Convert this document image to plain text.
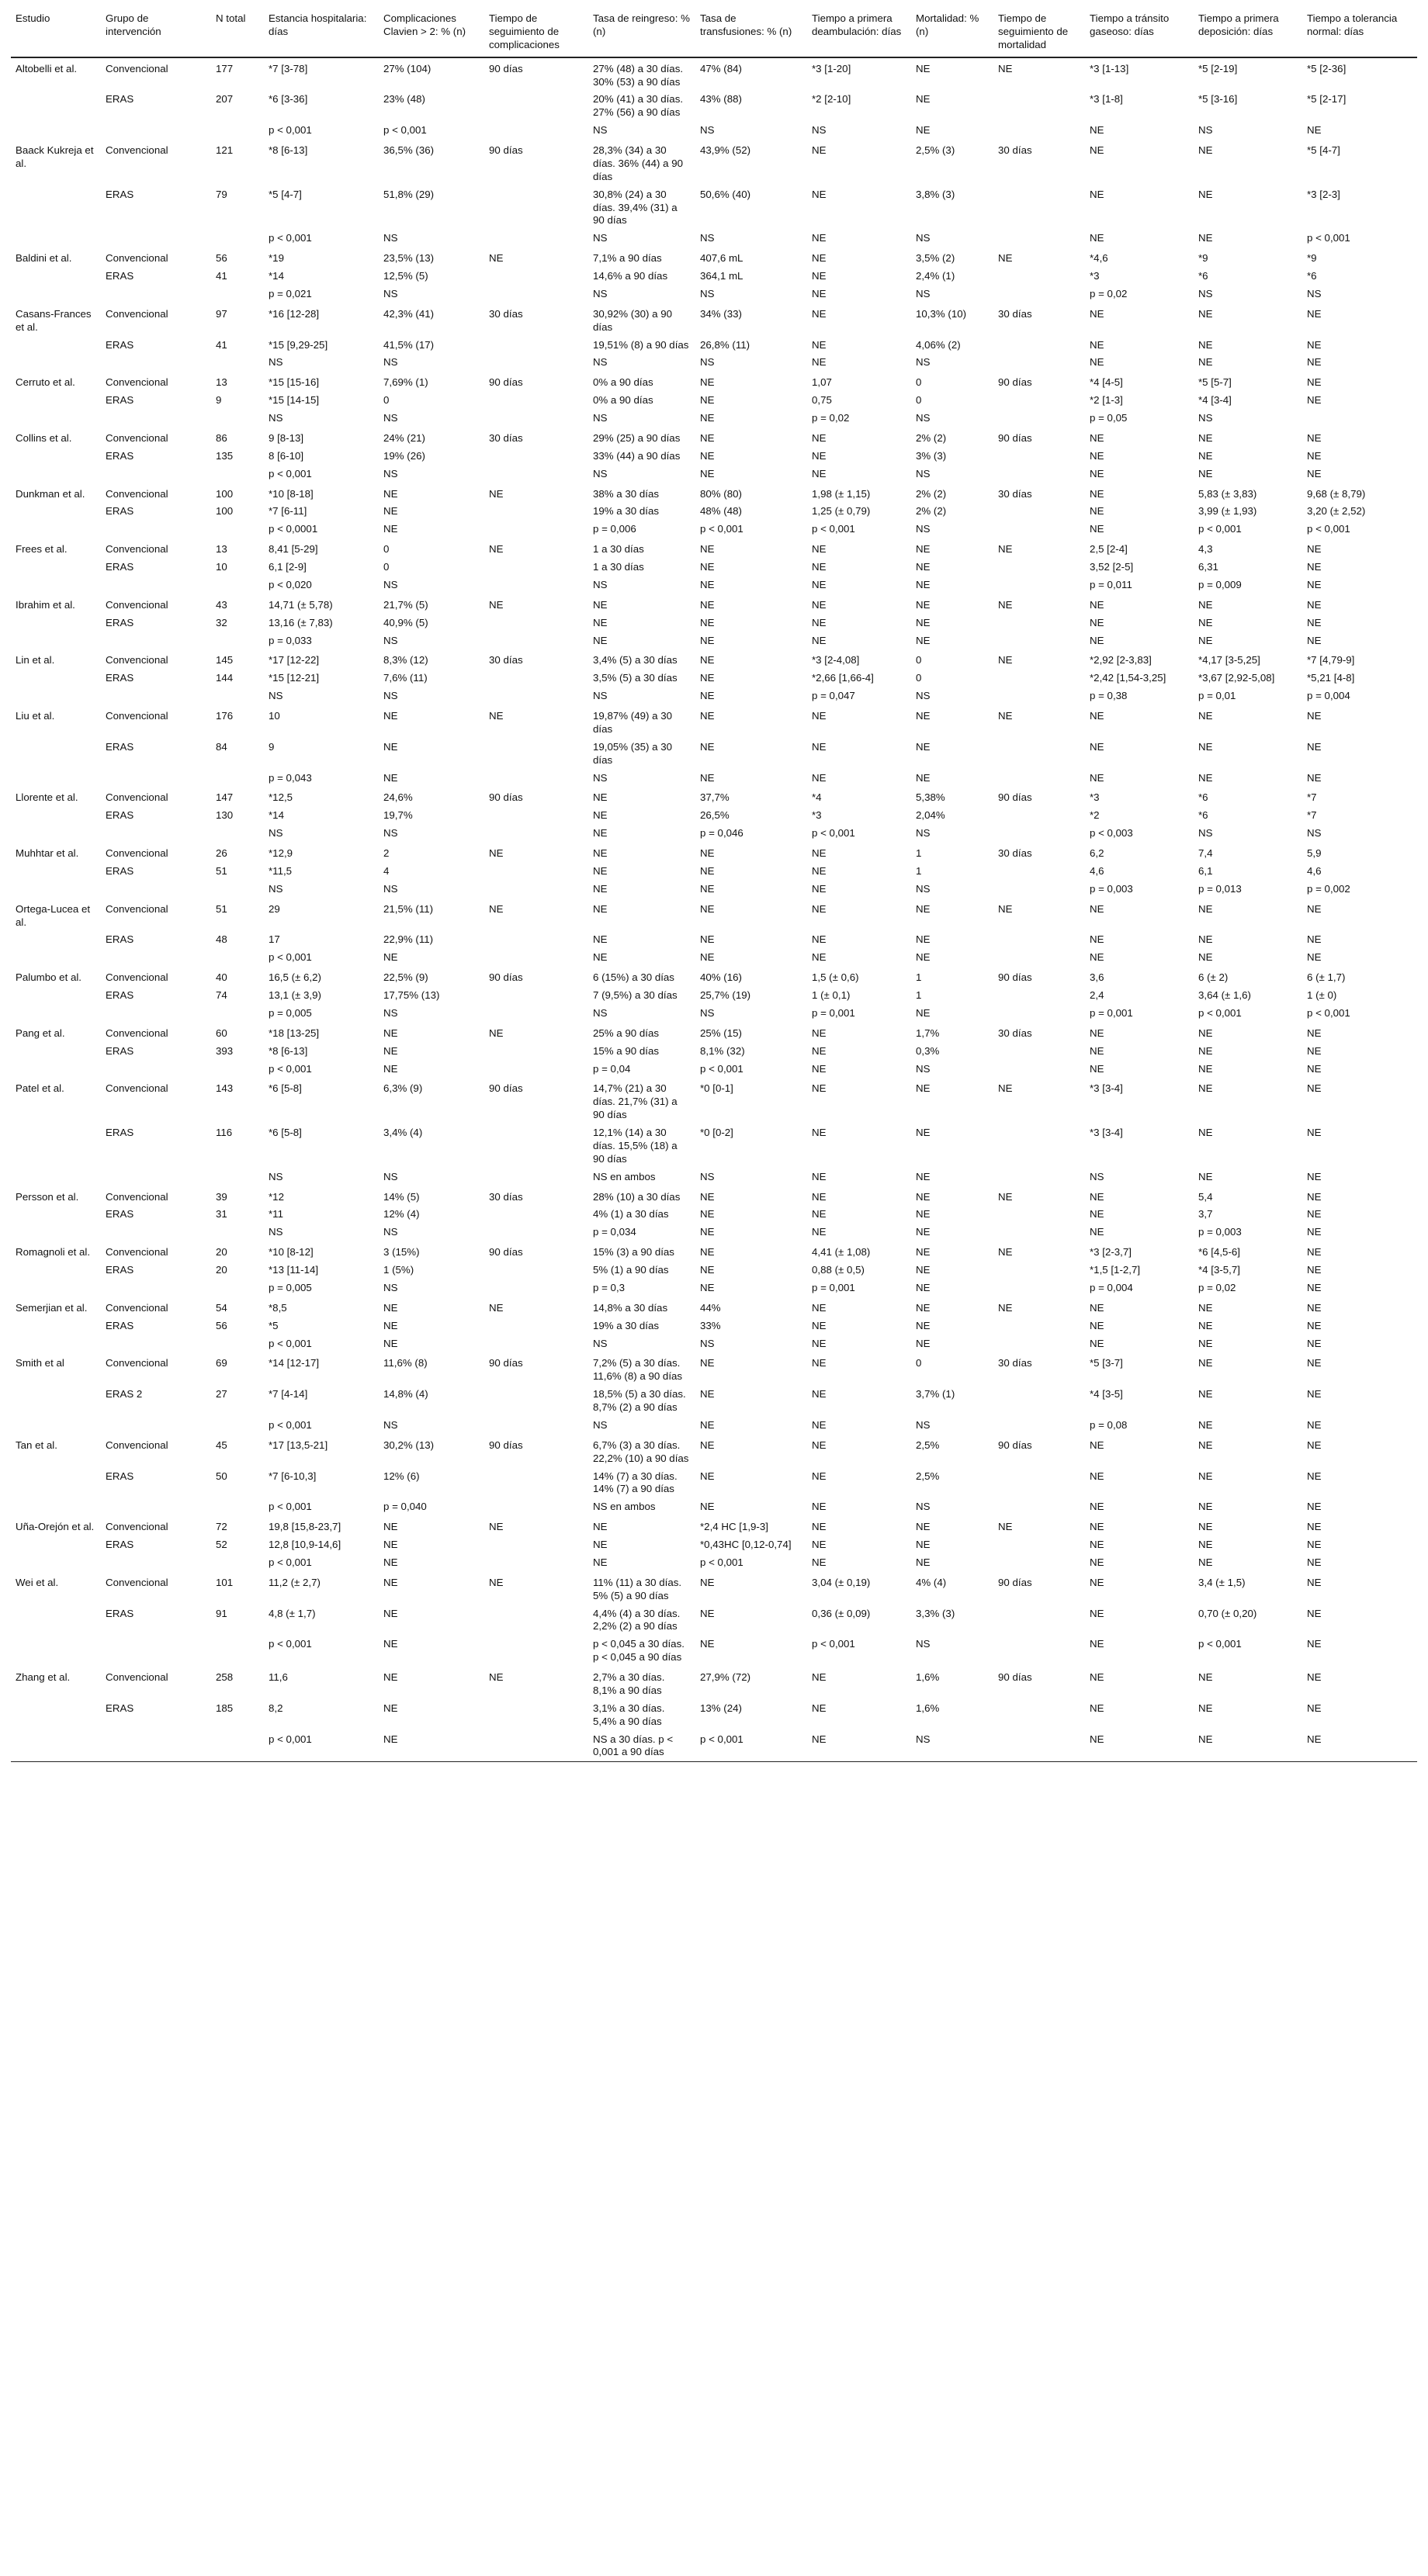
Estudio	Grupo de intervención	N total	Estancia hospitalaria: días	Complicaciones Clavien > 2: % (n)	Tiempo de seguimiento de complicaciones	Tasa de reingreso: % (n)	Tasa de transfusiones: % (n)	Tiempo a primera deambulación: días	Mortalidad: % (n)	Tiempo de seguimiento de mortalidad	Tiempo a tránsito gaseoso: días	Tiempo a primera deposición: días	Tiempo a tolerancia normal: días
Altobelli et al.	Convencional	177	*7 [3-78]	27% (104)	90 días	27% (48) a 30 días. 30% (53) a 90 días	47% (84)	*3 [1-20]	NE	NE	*3 [1-13]	*5 [2-19]	*5 [2-36]
	ERAS	207	*6 [3-36]	23% (48)		20% (41) a 30 días. 27% (56) a 90 días	43% (88)	*2 [2-10]	NE		*3 [1-8]	*5 [3-16]	*5 [2-17]
			p < 0,001	p < 0,001		NS	NS	NS	NE		NE	NS	NE
Baack Kukreja et al.	Convencional	121	*8 [6-13]	36,5% (36)	90 días	28,3% (34) a 30 días. 36% (44) a 90 días	43,9% (52)	NE	2,5% (3)	30 días	NE	NE	*5 [4-7]
	ERAS	79	*5 [4-7]	51,8% (29)		30,8% (24) a 30 días. 39,4% (31) a 90 días	50,6% (40)	NE	3,8% (3)		NE	NE	*3 [2-3]
			p < 0,001	NS		NS	NS	NE	NS		NE	NE	p < 0,001
Baldini et al.	Convencional	56	*19	23,5% (13)	NE	7,1% a 90 días	407,6 mL	NE	3,5% (2)	NE	*4,6	*9	*9
	ERAS	41	*14	12,5% (5)		14,6% a 90 días	364,1 mL	NE	2,4% (1)		*3	*6	*6
			p = 0,021	NS		NS	NS	NE	NS		p = 0,02	NS	NS
Casans-Frances et al.	Convencional	97	*16 [12-28]	42,3% (41)	30 días	30,92% (30) a 90 días	34% (33)	NE	10,3% (10)	30 días	NE	NE	NE
	ERAS	41	*15 [9,29-25]	41,5% (17)		19,51% (8) a 90 días	26,8% (11)	NE	4,06% (2)		NE	NE	NE
			NS	NS		NS	NS	NE	NS		NE	NE	NE
Cerruto et al.	Convencional	13	*15 [15-16]	7,69% (1)	90 días	0% a 90 días	NE	1,07	0	90 días	*4 [4-5]	*5 [5-7]	NE
	ERAS	9	*15 [14-15]	0		0% a 90 días	NE	0,75	0		*2 [1-3]	*4 [3-4]	NE
			NS	NS		NS	NE	p = 0,02	NS		p = 0,05	NS	
Collins et al.	Convencional	86	9 [8-13]	24% (21)	30 días	29% (25) a 90 días	NE	NE	2% (2)	90 días	NE	NE	NE
	ERAS	135	8 [6-10]	19% (26)		33% (44) a 90 días	NE	NE	3% (3)		NE	NE	NE
			p < 0,001	NS		NS	NE	NE	NS		NE	NE	NE
Dunkman et al.	Convencional	100	*10 [8-18]	NE	NE	38% a 30 días	80% (80)	1,98 (± 1,15)	2% (2)	30 días	NE	5,83 (± 3,83)	9,68 (± 8,79)
	ERAS	100	*7 [6-11]	NE		19% a 30 días	48% (48)	1,25 (± 0,79)	2% (2)		NE	3,99 (± 1,93)	3,20 (± 2,52)
			p < 0,0001	NE		p = 0,006	p < 0,001	p < 0,001	NS		NE	p < 0,001	p < 0,001
Frees et al.	Convencional	13	8,41 [5-29]	0	NE	1 a 30 días	NE	NE	NE	NE	2,5 [2-4]	4,3	NE
	ERAS	10	6,1 [2-9]	0		1 a 30 días	NE	NE	NE		3,52 [2-5]	6,31	NE
			p < 0,020	NS		NS	NE	NE	NE		p = 0,011	p = 0,009	NE
Ibrahim et al.	Convencional	43	14,71 (± 5,78)	21,7% (5)	NE	NE	NE	NE	NE	NE	NE	NE	NE
	ERAS	32	13,16 (± 7,83)	40,9% (5)		NE	NE	NE	NE		NE	NE	NE
			p = 0,033	NS		NE	NE	NE	NE		NE	NE	NE
Lin et al.	Convencional	145	*17 [12-22]	8,3% (12)	30 días	3,4% (5) a 30 días	NE	*3 [2-4,08]	0	NE	*2,92 [2-3,83]	*4,17 [3-5,25]	*7 [4,79-9]
	ERAS	144	*15 [12-21]	7,6% (11)		3,5% (5) a 30 días	NE	*2,66 [1,66-4]	0		*2,42 [1,54-3,25]	*3,67 [2,92-5,08]	*5,21 [4-8]
			NS	NS		NS	NE	p = 0,047	NS		p = 0,38	p = 0,01	p = 0,004
Liu et al.	Convencional	176	10	NE	NE	19,87% (49) a 30 días	NE	NE	NE	NE	NE	NE	NE
	ERAS	84	9	NE		19,05% (35) a 30 días	NE	NE	NE		NE	NE	NE
			p = 0,043	NE		NS	NE	NE	NE		NE	NE	NE
Llorente et al.	Convencional	147	*12,5	24,6%	90 días	NE	37,7%	*4	5,38%	90 días	*3	*6	*7
	ERAS	130	*14	19,7%		NE	26,5%	*3	2,04%		*2	*6	*7
			NS	NS		NE	p = 0,046	p < 0,001	NS		p < 0,003	NS	NS
Muhhtar et al.	Convencional	26	*12,9	2	NE	NE	NE	NE	1	30 días	6,2	7,4	5,9
	ERAS	51	*11,5	4		NE	NE	NE	1		4,6	6,1	4,6
			NS	NS		NE	NE	NE	NS		p = 0,003	p = 0,013	p = 0,002
Ortega-Lucea et al.	Convencional	51	29	21,5% (11)	NE	NE	NE	NE	NE	NE	NE	NE	NE
	ERAS	48	17	22,9% (11)		NE	NE	NE	NE		NE	NE	NE
			p < 0,001	NE		NE	NE	NE	NE		NE	NE	NE
Palumbo et al.	Convencional	40	16,5 (± 6,2)	22,5% (9)	90 días	6 (15%) a 30 días	40% (16)	1,5 (± 0,6)	1	90 días	3,6	6 (± 2)	6 (± 1,7)
	ERAS	74	13,1 (± 3,9)	17,75% (13)		7 (9,5%) a 30 días	25,7% (19)	1 (± 0,1)	1		2,4	3,64 (± 1,6)	1 (± 0)
			p = 0,005	NS		NS	NS	p = 0,001	NE		p = 0,001	p < 0,001	p < 0,001
Pang et al.	Convencional	60	*18 [13-25]	NE	NE	25% a 90 días	25% (15)	NE	1,7%	30 días	NE	NE	NE
	ERAS	393	*8 [6-13]	NE		15% a 90 días	8,1% (32)	NE	0,3%		NE	NE	NE
			p < 0,001	NE		p = 0,04	p < 0,001	NE	NS		NE	NE	NE
Patel et al.	Convencional	143	*6 [5-8]	6,3% (9)	90 días	14,7% (21) a 30 días. 21,7% (31) a 90 días	*0 [0-1]	NE	NE	NE	*3 [3-4]	NE	NE
	ERAS	116	*6 [5-8]	3,4% (4)		12,1% (14) a 30 días. 15,5% (18) a 90 días	*0 [0-2]	NE	NE		*3 [3-4]	NE	NE
			NS	NS		NS en ambos	NS	NE	NE		NS	NE	NE
Persson et al.	Convencional	39	*12	14% (5)	30 días	28% (10) a 30 días	NE	NE	NE	NE	NE	5,4	NE
	ERAS	31	*11	12% (4)		4% (1) a 30 días	NE	NE	NE		NE	3,7	NE
			NS	NS		p = 0,034	NE	NE	NE		NE	p = 0,003	NE
Romagnoli et al.	Convencional	20	*10 [8-12]	3 (15%)	90 días	15% (3) a 90 días	NE	4,41 (± 1,08)	NE	NE	*3 [2-3,7]	*6 [4,5-6]	NE
	ERAS	20	*13 [11-14]	1 (5%)		5% (1) a 90 días	NE	0,88 (± 0,5)	NE		*1,5 [1-2,7]	*4 [3-5,7]	NE
			p = 0,005	NS		p = 0,3	NE	p = 0,001	NE		p = 0,004	p = 0,02	NE
Semerjian et al.	Convencional	54	*8,5	NE	NE	14,8% a 30 días	44%	NE	NE	NE	NE	NE	NE
	ERAS	56	*5	NE		19% a 30 días	33%	NE	NE		NE	NE	NE
			p < 0,001	NE		NS	NS	NE	NE		NE	NE	NE
Smith et al	Convencional	69	*14 [12-17]	11,6% (8)	90 días	7,2% (5) a 30 días. 11,6% (8) a 90 días	NE	NE	0	30 días	*5 [3-7]	NE	NE
	ERAS 2	27	*7 [4-14]	14,8% (4)		18,5% (5) a 30 días. 8,7% (2) a 90 días	NE	NE	3,7% (1)		*4 [3-5]	NE	NE
			p < 0,001	NS		NS	NE	NE	NS		p = 0,08	NE	NE
Tan et al.	Convencional	45	*17 [13,5-21]	30,2% (13)	90 días	6,7% (3) a 30 días. 22,2% (10) a 90 días	NE	NE	2,5%	90 días	NE	NE	NE
	ERAS	50	*7 [6-10,3]	12% (6)		14% (7) a 30 días. 14% (7) a 90 días	NE	NE	2,5%		NE	NE	NE
			p < 0,001	p = 0,040		NS en ambos	NE	NE	NS		NE	NE	NE
Uña-Orejón et al.	Convencional	72	19,8 [15,8-23,7]	NE	NE	NE	*2,4 HC [1,9-3]	NE	NE	NE	NE	NE	NE
	ERAS	52	12,8 [10,9-14,6]	NE		NE	*0,43HC [0,12-0,74]	NE	NE		NE	NE	NE
			p < 0,001	NE		NE	p < 0,001	NE	NE		NE	NE	NE
Wei et al.	Convencional	101	11,2 (± 2,7)	NE	NE	11% (11) a 30 días. 5% (5) a 90 días	NE	3,04 (± 0,19)	4% (4)	90 días	NE	3,4 (± 1,5)	NE
	ERAS	91	4,8 (± 1,7)	NE		4,4% (4) a 30 días. 2,2% (2) a 90 días	NE	0,36 (± 0,09)	3,3% (3)		NE	0,70 (± 0,20)	NE
			p < 0,001	NE		p < 0,045 a 30 días. p < 0,045 a 90 días	NE	p < 0,001	NS		NE	p < 0,001	NE
Zhang et al.	Convencional	258	11,6	NE	NE	2,7% a 30 días. 8,1% a 90 días	27,9% (72)	NE	1,6%	90 días	NE	NE	NE
	ERAS	185	8,2	NE		3,1% a 30 días. 5,4% a 90 días	13% (24)	NE	1,6%		NE	NE	NE
			p < 0,001	NE		NS a 30 días. p < 0,001 a 90 días	p < 0,001	NE	NS		NE	NE	NE
